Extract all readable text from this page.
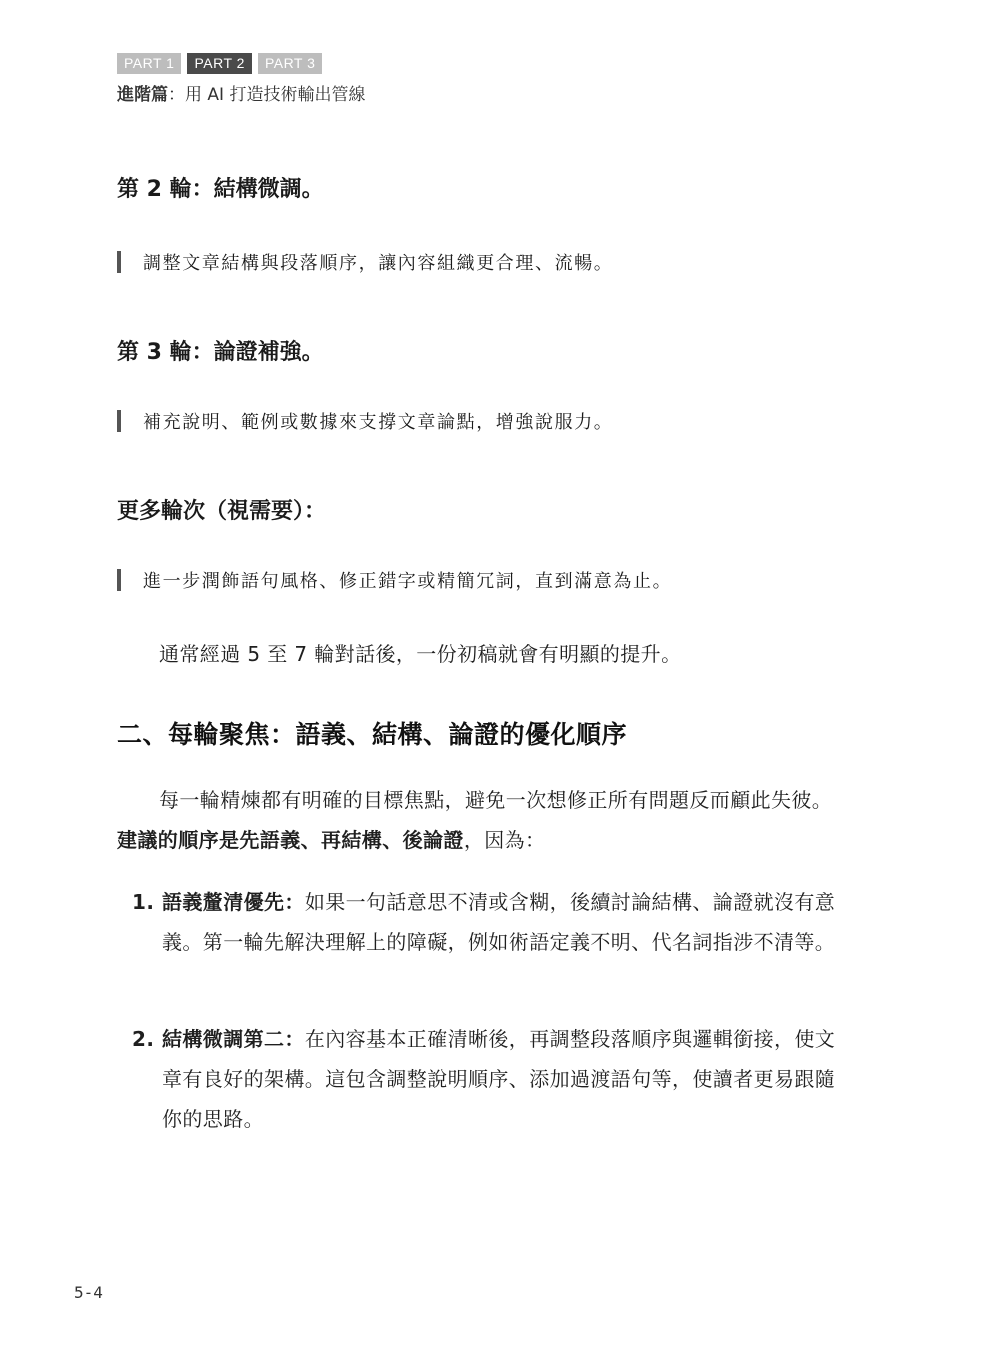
PART 1	PART 2	PART 3
進階篇：用 AI 打造技術輸出管線
第 2 輪：結構微調。
調整文章結構與段落順序，讓內容組織更合理、流暢。
第 3 輪：論證補強。
補充說明、範例或數據來支撐文章論點，增強說服力。
更多輪次（視需要）：
進一步潤飾語句風格、修正錯字或精簡冗詞，直到滿意為止。
通常經過 5 至 7 輪對話後，一份初稿就會有明顯的提升。
二、每輪聚焦：語義、結構、論證的優化順序
每一輪精煉都有明確的目標焦點，避免一次想修正所有問題反而顧此失彼。建議的順序是先語義、再結構、後論證，因為：
1. 語義釐清優先：如果一句話意思不清或含糊，後續討論結構、論證就沒有意義。第一輪先解決理解上的障礙，例如術語定義不明、代名詞指涉不清等。
2. 結構微調第二：在內容基本正確清晰後，再調整段落順序與邏輯銜接，使文章有良好的架構。這包含調整說明順序、添加過渡語句等，使讀者更易跟隨你的思路。
5-4
